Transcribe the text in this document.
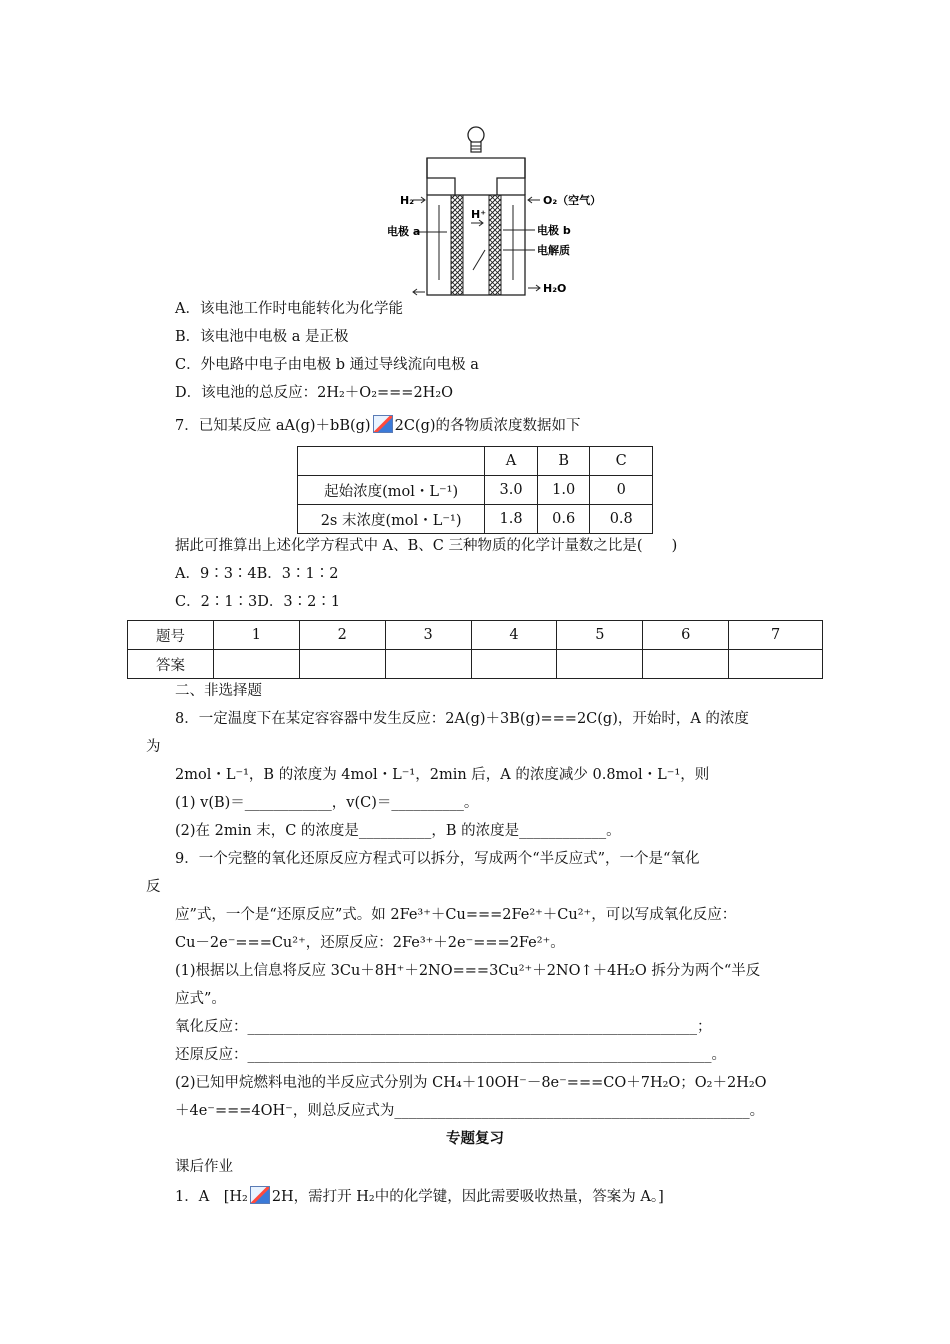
H₂	O₂（空气）
H⁺
电极 a	电极 b
电解质
H₂O
A．该电池工作时电能转化为化学能
B．该电池中电极 a 是正极
C．外电路中电子由电极 b 通过导线流向电极 a
D．该电池的总反应：2H₂＋O₂===2H₂O
7．已知某反应 aA(g)＋bB(g) 2C(g)的各物质浓度数据如下
	A	B	C
起始浓度(mol・L⁻¹)	3.0	1.0	0
2s 末浓度(mol・L⁻¹)	1.8	0.6	0.8
据此可推算出上述化学方程式中 A、B、C 三种物质的化学计量数之比是(　　)
A．9∶3∶4B．3∶1∶2
C．2∶1∶3D．3∶2∶1
题号	1	2	3	4	5	6	7
答案							
二、非选择题
8．一定温度下在某定容容器中发生反应：2A(g)＋3B(g)===2C(g)，开始时，A 的浓度
为
2mol・L⁻¹，B 的浓度为 4mol・L⁻¹，2min 后，A 的浓度减少 0.8mol・L⁻¹，则
(1) v(B)＝____________，v(C)＝__________。
(2)在 2min 末，C 的浓度是__________，B 的浓度是____________。
9．一个完整的氧化还原反应方程式可以拆分，写成两个“半反应式”，一个是“氧化
反
应”式，一个是“还原反应”式。如 2Fe³⁺＋Cu===2Fe²⁺＋Cu²⁺，可以写成氧化反应：
Cu－2e⁻===Cu²⁺，还原反应：2Fe³⁺＋2e⁻===2Fe²⁺。
(1)根据以上信息将反应 3Cu＋8H⁺＋2NO===3Cu²⁺＋2NO↑＋4H₂O 拆分为两个“半反
应式”。
氧化反应：______________________________________________________________；
还原反应：________________________________________________________________。
(2)已知甲烷燃料电池的半反应式分别为 CH₄＋10OH⁻－8e⁻===CO＋7H₂O；O₂＋2H₂O
＋4e⁻===4OH⁻，则总反应式为_________________________________________________。
专题复习
课后作业
1．A　[H₂ 2H，需打开 H₂中的化学键，因此需要吸收热量，答案为 A。]
